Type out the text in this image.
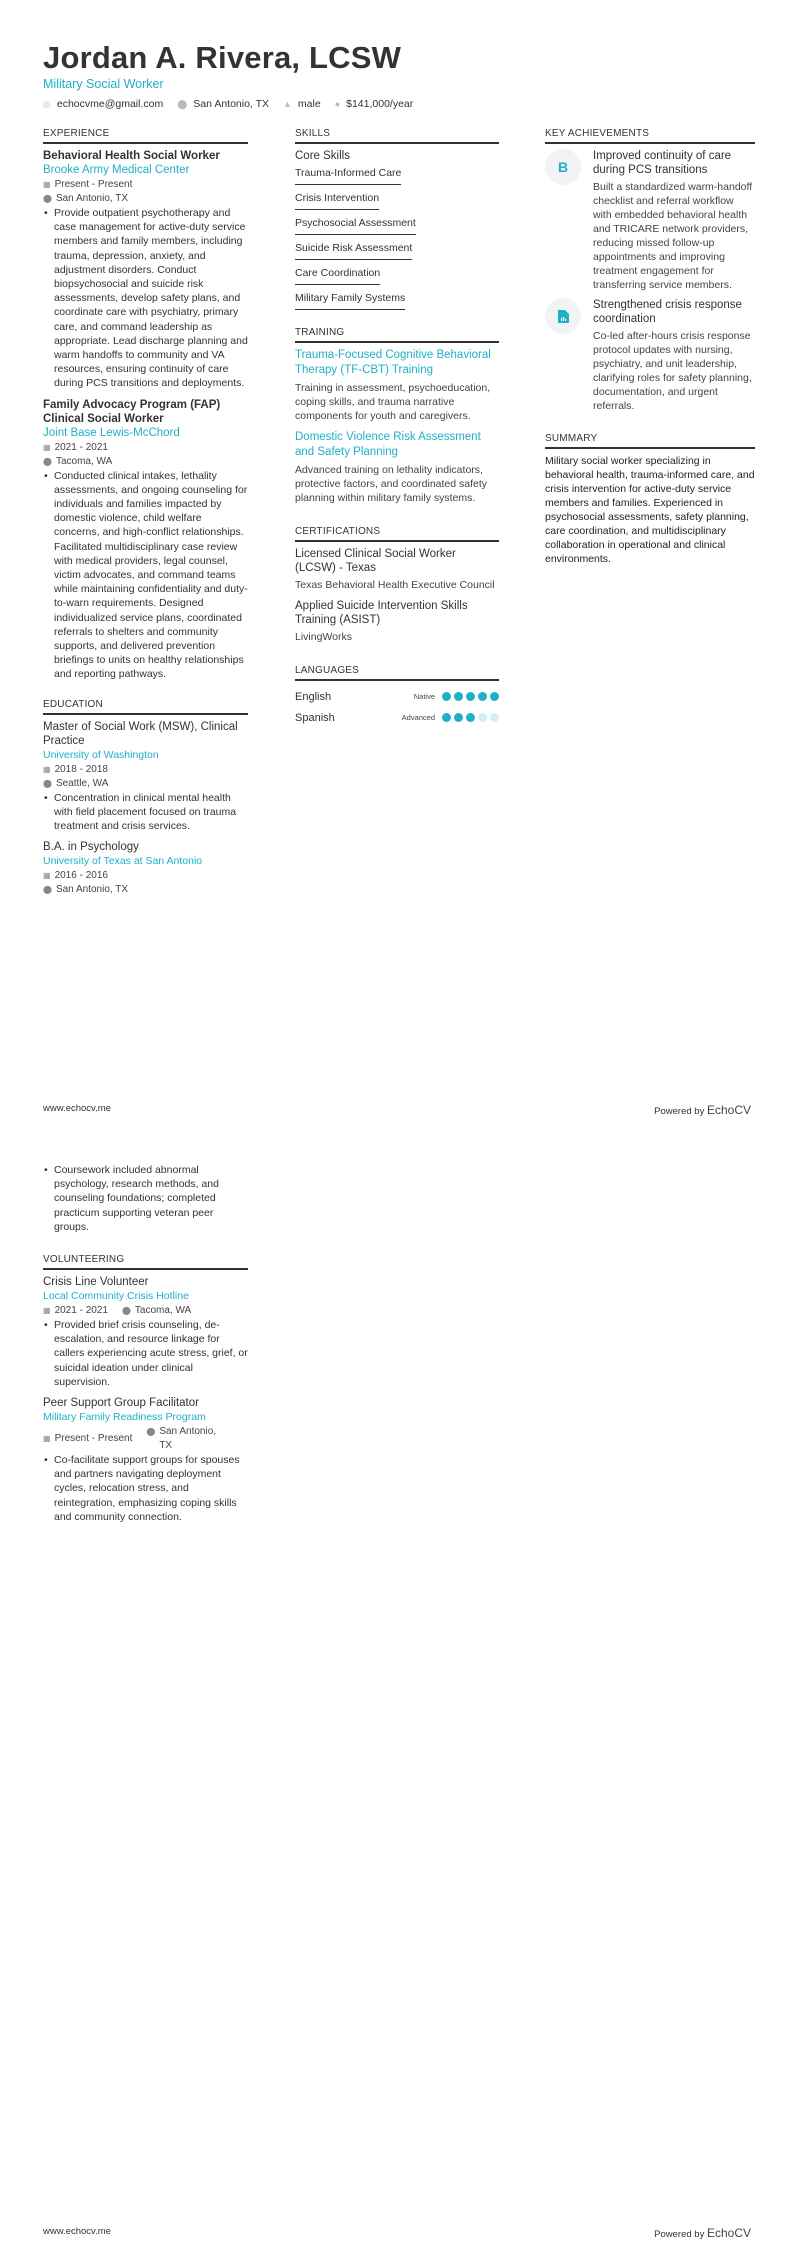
Jordan A. Rivera, LCSW
Military Social Worker
◎ echocvme@gmail.com ⬤ San Antonio, TX ▲ male ● $141,000/year
EXPERIENCE
Behavioral Health Social Worker
Brooke Army Medical Center
▦ Present - Present
⬤ San Antonio, TX
• Provide outpatient psychotherapy and case management for active-duty service members and family members, including trauma, depression, anxiety, and adjustment disorders. Conduct biopsychosocial and suicide risk assessments, develop safety plans, and coordinate care with psychiatry, primary care, and command leadership as appropriate. Lead discharge planning and warm handoffs to community and VA resources, ensuring continuity of care during PCS transitions and deployments.
Family Advocacy Program (FAP) Clinical Social Worker
Joint Base Lewis-McChord
▦ 2021 - 2021
⬤ Tacoma, WA
• Conducted clinical intakes, lethality assessments, and ongoing counseling for individuals and families impacted by domestic violence, child welfare concerns, and high-conflict relationships. Facilitated multidisciplinary case review with medical providers, legal counsel, victim advocates, and command teams while maintaining confidentiality and duty-to-warn requirements. Designed individualized service plans, coordinated referrals to shelters and community supports, and delivered prevention briefings to units on healthy relationships and reporting pathways.
EDUCATION
Master of Social Work (MSW), Clinical Practice
University of Washington
▦ 2018 - 2018
⬤ Seattle, WA
• Concentration in clinical mental health with field placement focused on trauma treatment and crisis services.
B.A. in Psychology
University of Texas at San Antonio
▦ 2016 - 2016
⬤ San Antonio, TX
SKILLS
Core Skills
Trauma-Informed Care
Crisis Intervention
Psychosocial Assessment
Suicide Risk Assessment
Care Coordination
Military Family Systems
TRAINING
Trauma-Focused Cognitive Behavioral Therapy (TF-CBT) Training
Training in assessment, psychoeducation, coping skills, and trauma narrative components for youth and caregivers.
Domestic Violence Risk Assessment and Safety Planning
Advanced training on lethality indicators, protective factors, and coordinated safety planning within military family systems.
CERTIFICATIONS
Licensed Clinical Social Worker (LCSW) - Texas
Texas Behavioral Health Executive Council
Applied Suicide Intervention Skills Training (ASIST)
LivingWorks
LANGUAGES
English	Native
Spanish	Advanced
KEY ACHIEVEMENTS
B
Improved continuity of care during PCS transitions
Built a standardized warm-handoff checklist and referral workflow with embedded behavioral health and TRICARE network providers, reducing missed follow-up appointments and improving treatment engagement for transferring service members.
Strengthened crisis response coordination
Co-led after-hours crisis response protocol updates with nursing, psychiatry, and unit leadership, clarifying roles for safety planning, documentation, and urgent referrals.
SUMMARY
Military social worker specializing in behavioral health, trauma-informed care, and crisis intervention for active-duty service members and families. Experienced in psychosocial assessments, safety planning, care coordination, and multidisciplinary collaboration in operational and clinical environments.
www.echocv.me	Powered by EchoCV
• Coursework included abnormal psychology, research methods, and counseling foundations; completed practicum supporting veteran peer groups.
VOLUNTEERING
Crisis Line Volunteer
Local Community Crisis Hotline
▦ 2021 - 2021 ⬤ Tacoma, WA
• Provided brief crisis counseling, de-escalation, and resource linkage for callers experiencing acute stress, grief, or suicidal ideation under clinical supervision.
Peer Support Group Facilitator
Military Family Readiness Program
▦ Present - Present
⬤ San Antonio, TX
• Co-facilitate support groups for spouses and partners navigating deployment cycles, relocation stress, and reintegration, emphasizing coping skills and community connection.
www.echocv.me	Powered by EchoCV
